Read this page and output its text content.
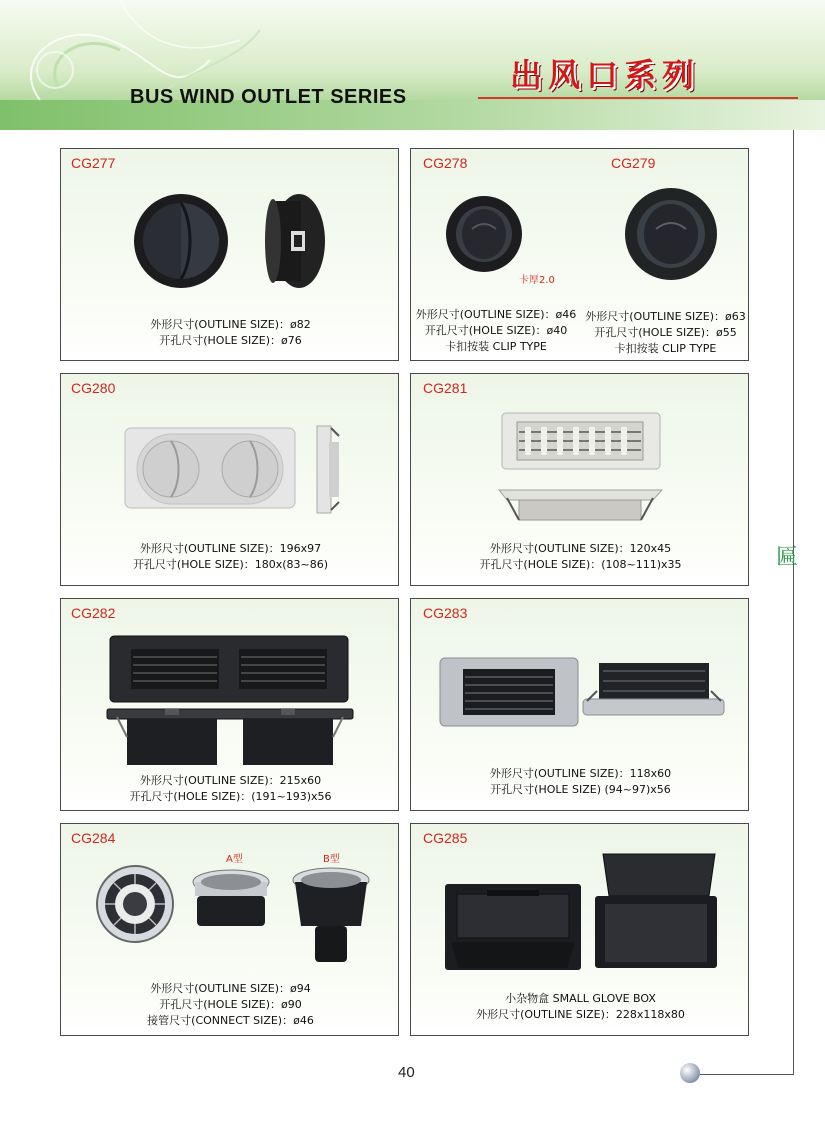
出风口系列
BUS WIND OUTLET SERIES
匾
CG277
外形尺寸(OUTLINE SIZE)：ø82
开孔尺寸(HOLE SIZE)：ø76
CG278	CG279
卡厚2.0
外形尺寸(OUTLINE SIZE)：ø46
开孔尺寸(HOLE SIZE)：ø40
卡扣按装 CLIP TYPE
外形尺寸(OUTLINE SIZE)：ø63
开孔尺寸(HOLE SIZE)：ø55
卡扣按装 CLIP TYPE
CG280
外形尺寸(OUTLINE SIZE)：196x97
开孔尺寸(HOLE SIZE)：180x(83~86)
CG281
外形尺寸(OUTLINE SIZE)：120x45
开孔尺寸(HOLE SIZE)：(108~111)x35
CG282
外形尺寸(OUTLINE SIZE)：215x60
开孔尺寸(HOLE SIZE)：(191~193)x56
CG283
外形尺寸(OUTLINE SIZE)：118x60
开孔尺寸(HOLE SIZE) (94~97)x56
CG284
A型	B型
外形尺寸(OUTLINE SIZE)：ø94
开孔尺寸(HOLE SIZE)：ø90
接管尺寸(CONNECT SIZE)：ø46
CG285
小杂物盒 SMALL GLOVE BOX
外形尺寸(OUTLINE SIZE)：228x118x80
40
